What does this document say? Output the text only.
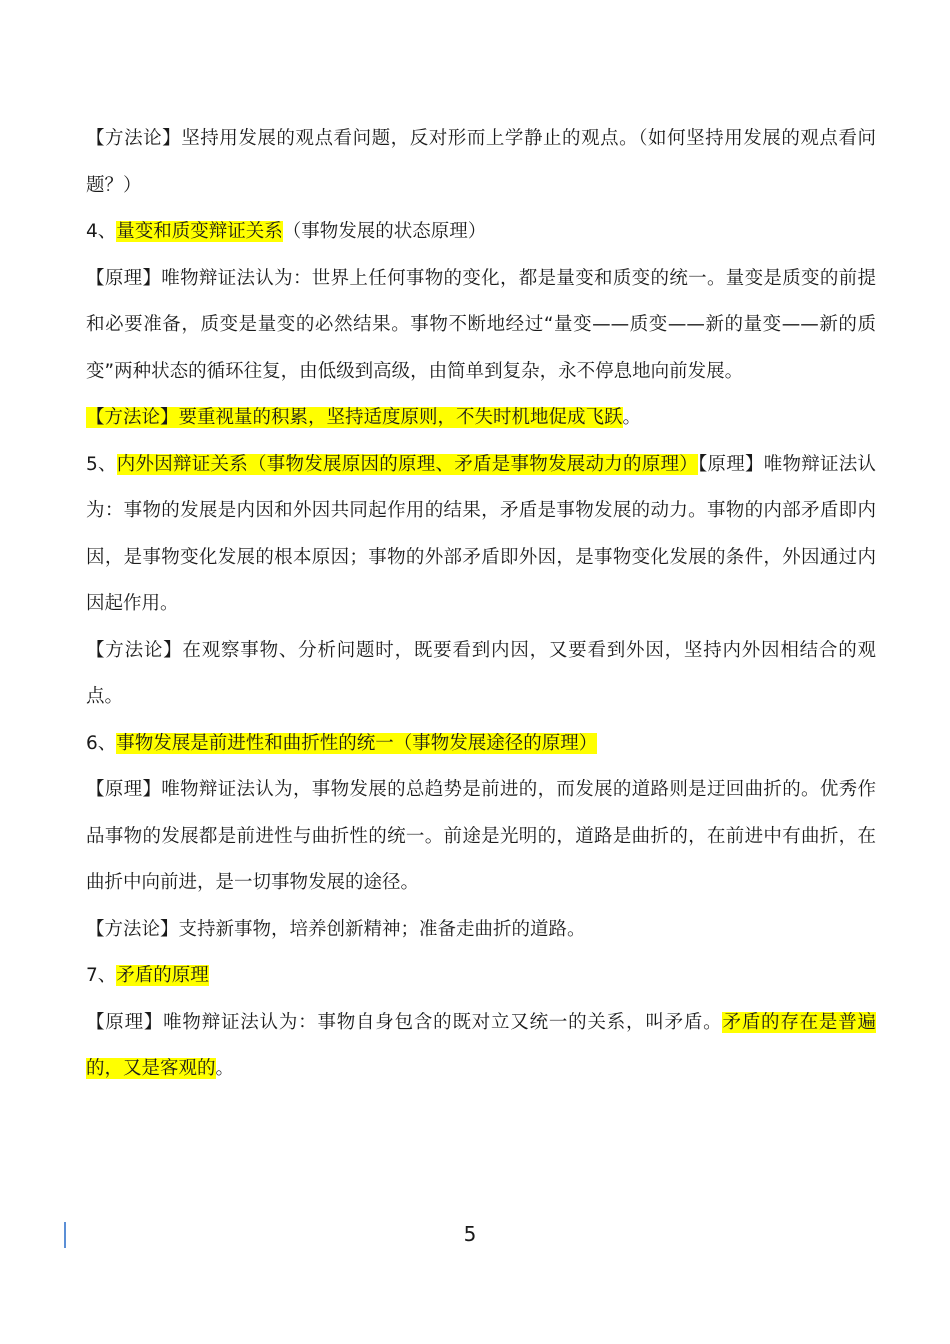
【方法论】坚持用发展的观点看问题，反对形而上学静止的观点。（如何坚持用发展的观点看问题？）

4、量变和质变辩证关系（事物发展的状态原理）

【原理】唯物辩证法认为：世界上任何事物的变化，都是量变和质变的统一。量变是质变的前提和必要准备，质变是量变的必然结果。事物不断地经过“量变——质变——新的量变——新的质变”两种状态的循环往复，由低级到高级，由简单到复杂，永不停息地向前发展。

【方法论】要重视量的积累，坚持适度原则，不失时机地促成飞跃。

5、内外因辩证关系（事物发展原因的原理、矛盾是事物发展动力的原理）【原理】唯物辩证法认为：事物的发展是内因和外因共同起作用的结果，矛盾是事物发展的动力。事物的内部矛盾即内因，是事物变化发展的根本原因；事物的外部矛盾即外因，是事物变化发展的条件，外因通过内因起作用。

【方法论】在观察事物、分析问题时，既要看到内因，又要看到外因，坚持内外因相结合的观点。

6、事物发展是前进性和曲折性的统一（事物发展途径的原理）

【原理】唯物辩证法认为，事物发展的总趋势是前进的，而发展的道路则是迂回曲折的。优秀作品事物的发展都是前进性与曲折性的统一。前途是光明的，道路是曲折的，在前进中有曲折，在曲折中向前进，是一切事物发展的途径。

【方法论】支持新事物，培养创新精神；准备走曲折的道路。

7、矛盾的原理

【原理】唯物辩证法认为：事物自身包含的既对立又统一的关系，叫矛盾。矛盾的存在是普遍的，又是客观的。

5
